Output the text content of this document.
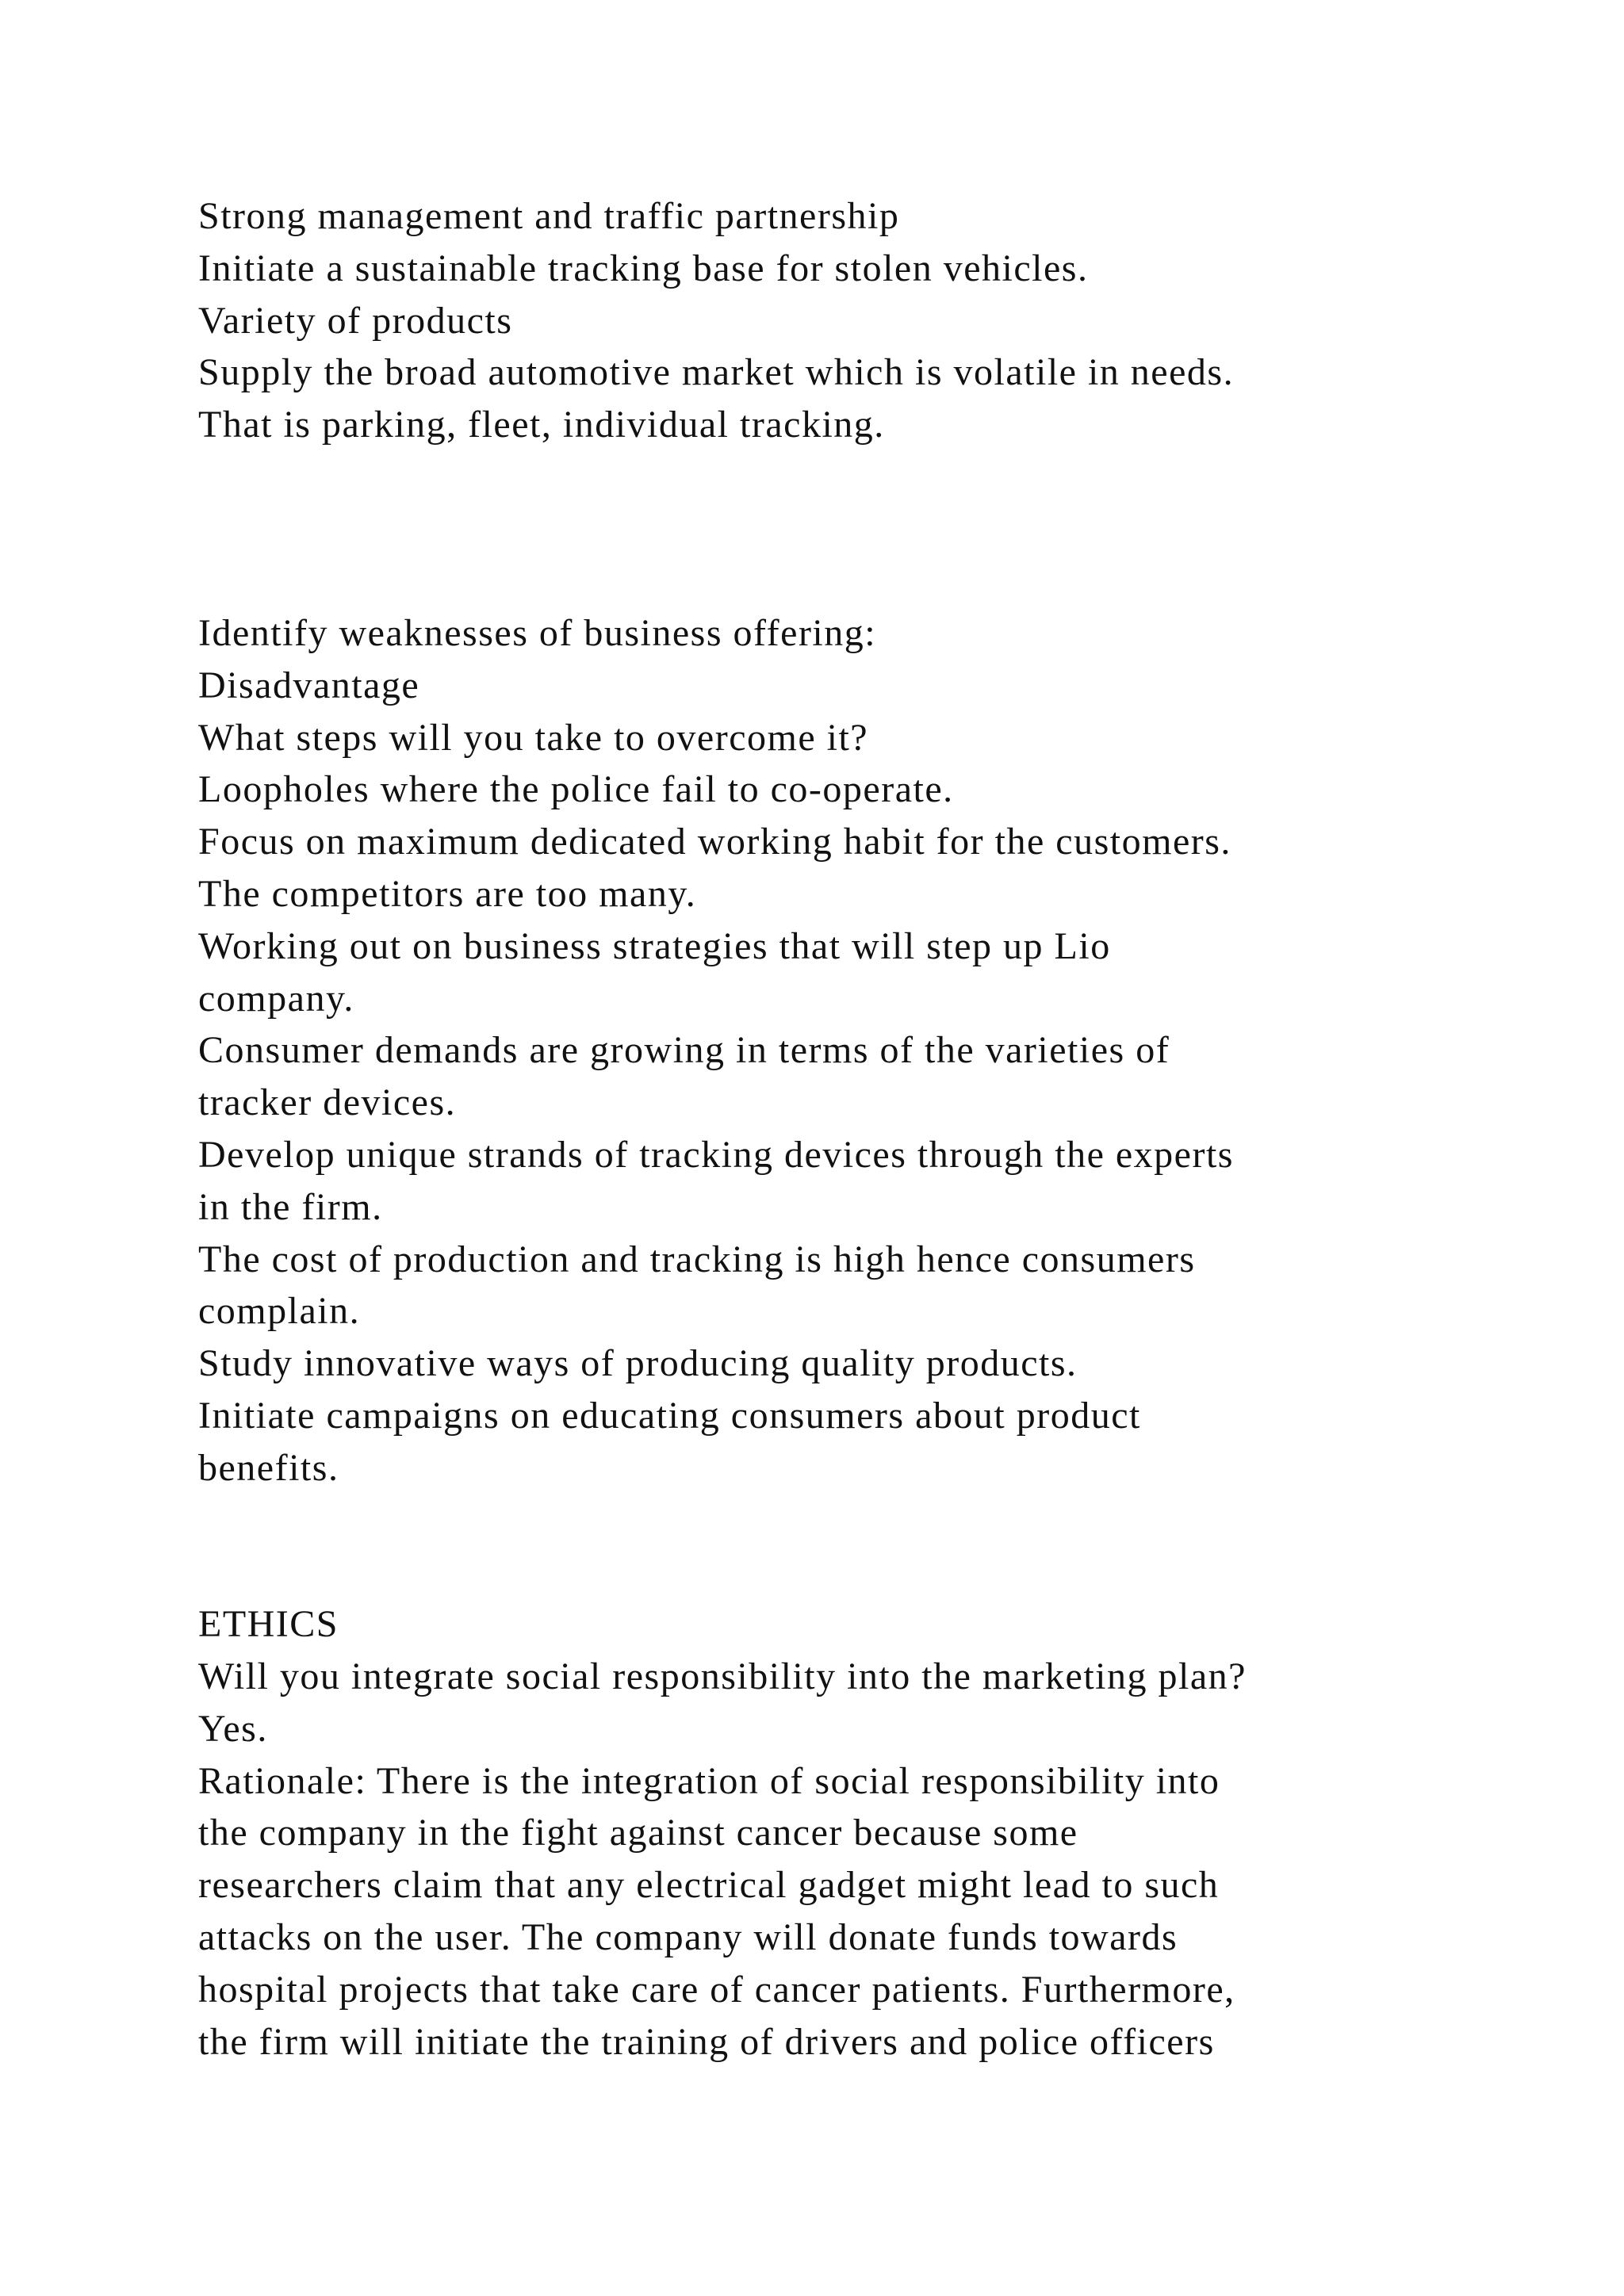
Strong management and traffic partnership
Initiate a sustainable tracking base for stolen vehicles.
Variety of products
Supply the broad automotive market which is volatile in needs.
That is parking, fleet, individual tracking.
Identify weaknesses of business offering:
Disadvantage
What steps will you take to overcome it?
Loopholes where the police fail to co-operate.
Focus on maximum dedicated working habit for the customers.
The competitors are too many.
Working out on business strategies that will step up Lio
company.
Consumer demands are growing in terms of the varieties of
tracker devices.
Develop unique strands of tracking devices through the experts
in the firm.
The cost of production and tracking is high hence consumers
complain.
Study innovative ways of producing quality products.
Initiate campaigns on educating consumers about product
benefits.
ETHICS
Will you integrate social responsibility into the marketing plan?
Yes.
Rationale: There is the integration of social responsibility into
the company in the fight against cancer because some
researchers claim that any electrical gadget might lead to such
attacks on the user. The company will donate funds towards
hospital projects that take care of cancer patients. Furthermore,
the firm will initiate the training of drivers and police officers
